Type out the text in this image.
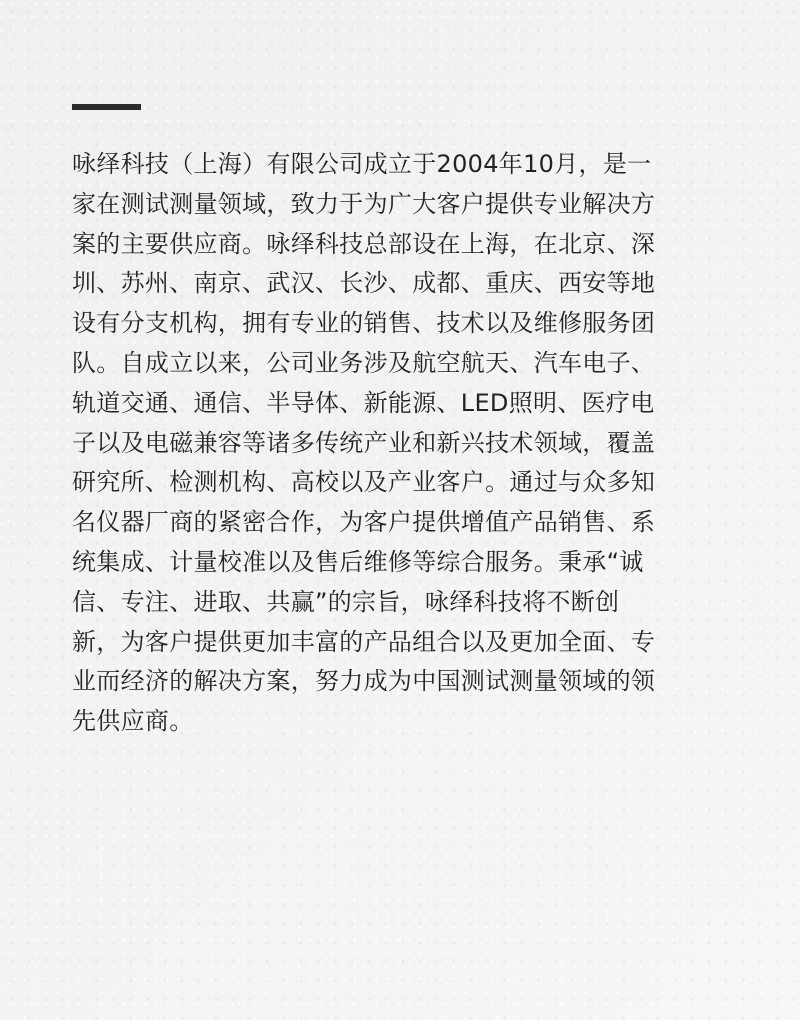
咏绎科技（上海）有限公司成立于2004年10月，是一
家在测试测量领域，致力于为广大客户提供专业解决方
案的主要供应商。咏绎科技总部设在上海，在北京、深
圳、苏州、南京、武汉、长沙、成都、重庆、西安等地
设有分支机构，拥有专业的销售、技术以及维修服务团
队。自成立以来，公司业务涉及航空航天、汽车电子、
轨道交通、通信、半导体、新能源、LED照明、医疗电
子以及电磁兼容等诸多传统产业和新兴技术领域，覆盖
研究所、检测机构、高校以及产业客户。通过与众多知
名仪器厂商的紧密合作，为客户提供增值产品销售、系
统集成、计量校准以及售后维修等综合服务。秉承“诚
信、专注、进取、共赢”的宗旨，咏绎科技将不断创
新，为客户提供更加丰富的产品组合以及更加全面、专
业而经济的解决方案，努力成为中国测试测量领域的领
先供应商。
